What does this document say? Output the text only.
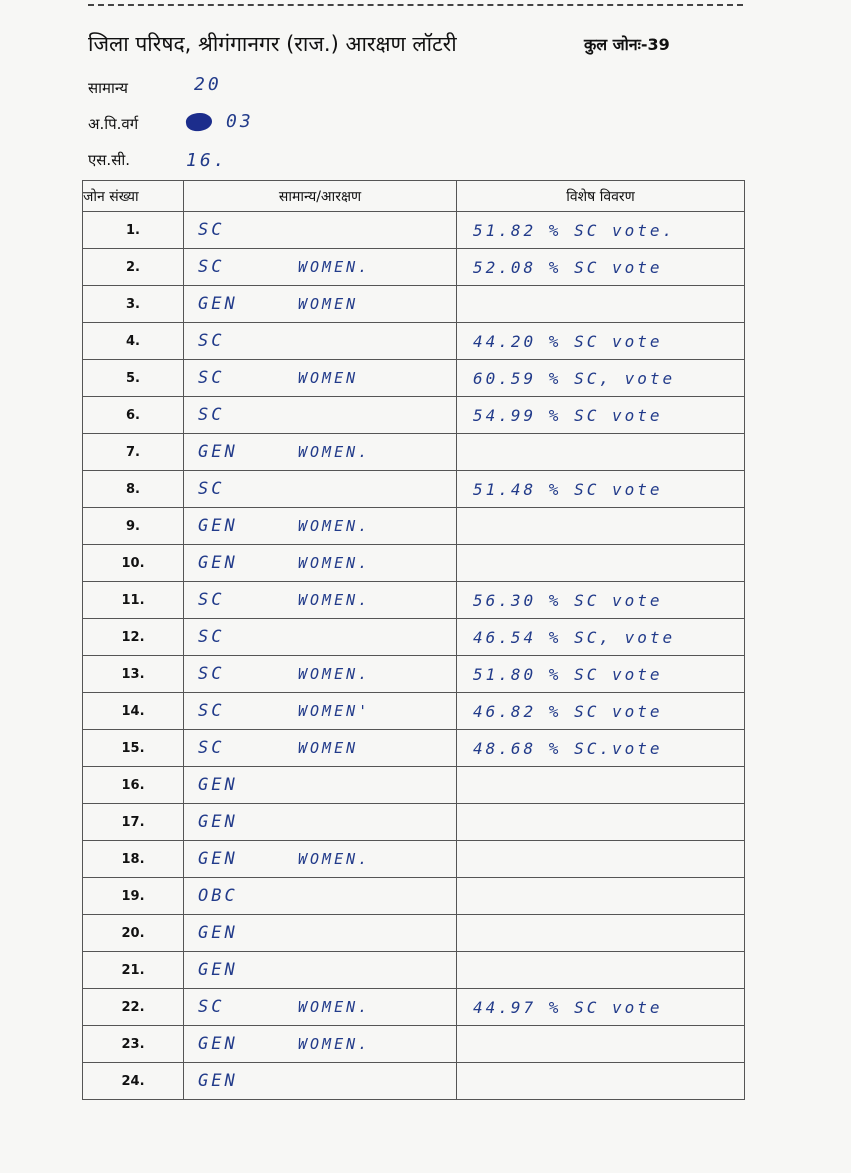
जिला परिषद, श्रीगंगानगर (राज.) आरक्षण लॉटरी	कुल जोनः-39
सामान्य	20
अ.पि.वर्ग	03
एस.सी.	16.
जोन संख्या	सामान्य/आरक्षण	विशेष विवरण
1.	SC	51.82 % SC vote.
2.	SC WOMEN.	52.08 % SC vote
3.	GEN WOMEN	

4.	SC	44.20 % SC vote
5.	SC WOMEN	60.59 % SC, vote
6.	SC	54.99 % SC vote
7.	GEN WOMEN.	

8.	SC	51.48 % SC vote
9.	GEN WOMEN.	

10.	GEN WOMEN.	

11.	SC WOMEN.	56.30 % SC vote
12.	SC	46.54 % SC, vote
13.	SC WOMEN.	51.80 % SC vote
14.	SC WOMEN'	46.82 % SC vote
15.	SC WOMEN	48.68 % SC.vote
16.	GEN	

17.	GEN	

18.	GEN WOMEN.	

19.	OBC	

20.	GEN	

21.	GEN	

22.	SC WOMEN.	44.97 % SC vote
23.	GEN WOMEN.	

24.	GEN	
